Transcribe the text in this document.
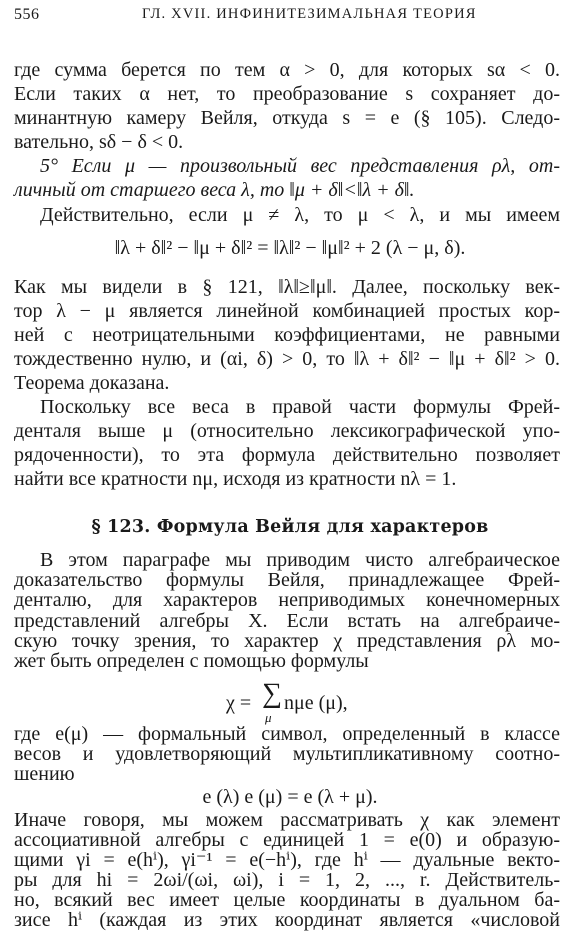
556	ГЛ. XVII. ИНФИНИТЕЗИМАЛЬНАЯ ТЕОРИЯ
где сумма берется по тем α > 0, для которых sα < 0.
Если таких α нет, то преобразование s сохраняет до-
минантную камеру Вейля, откуда s = e (§ 105). Следо-
вательно, sδ − δ < 0.
5° Если μ — произвольный вес представления ρλ, от-
личный от старшего веса λ, то ‖μ + δ‖<‖λ + δ‖.
Действительно, если μ ≠ λ, то μ < λ, и мы имеем
‖λ + δ‖² − ‖μ + δ‖² = ‖λ‖² − ‖μ‖² + 2 (λ − μ, δ).
Как мы видели в § 121, ‖λ‖≥‖μ‖. Далее, поскольку век-
тор λ − μ является линейной комбинацией простых кор-
ней с неотрицательными коэффициентами, не равными
тождественно нулю, и (αi, δ) > 0, то ‖λ + δ‖² − ‖μ + δ‖² > 0.
Теорема доказана.
Поскольку все веса в правой части формулы Фрей-
денталя выше μ (относительно лексикографической упо-
рядоченности), то эта формула действительно позволяет
найти все кратности nμ, исходя из кратности nλ = 1.
§ 123. Формула Вейля для характеров
В этом параграфе мы приводим чисто алгебраическое
доказательство формулы Вейля, принадлежащее Фрей-
денталю, для характеров неприводимых конечномерных
представлений алгебры X. Если встать на алгебраиче-
скую точку зрения, то характер χ представления ρλ мо-
жет быть определен с помощью формулы
χ = ∑
μ
nμe (μ),
где e(μ) — формальный символ, определенный в классе
весов и удовлетворяющий мультипликативному соотно-
шению
e (λ) e (μ) = e (λ + μ).
Иначе говоря, мы можем рассматривать χ как элемент
ассоциативной алгебры с единицей 1 = e(0) и образую-
щими γi = e(hⁱ), γi⁻¹ = e(−hⁱ), где hⁱ — дуальные векто-
ры для hi = 2ωi/(ωi, ωi), i = 1, 2, ..., r. Действитель-
но, всякий вес имеет целые координаты в дуальном ба-
зисе hⁱ (каждая из этих координат является «числовой
